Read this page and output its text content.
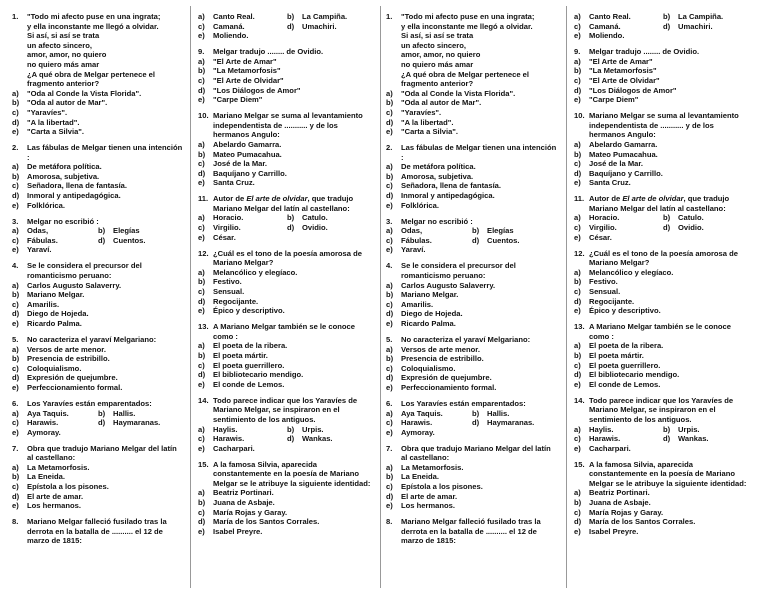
1.	"Todo mi afecto puse en una ingrata;
y ella inconstante me llegó a olvidar.
Si así, si así se trata
un afecto sincero,
amor, amor, no quiero
no quiero más amar
¿A qué obra de Melgar pertenece el fragmento anterior?
a)	"Oda al Conde la Vista Florida".
b)	"Oda al autor de Mar".
c)	"Yaravíes".
d)	"A la libertad".
e)	"Carta a Silvia".
2.	Las fábulas de Melgar tienen una intención :
a)	De metáfora política.
b)	Amorosa, subjetiva.
c)	Señadora, llena de fantasía.
d)	Inmoral y antipedagógica.
e)	Folklórica.
3.	Melgar no escribió :
a)	Odas,	b)	Elegías
c)	Fábulas.	d)	Cuentos.
e)	Yaraví.
4.	Se le considera el precursor del romanticismo peruano:
a)	Carlos Augusto Salaverry.
b)	Mariano Melgar.
c)	Amarilis.
d)	Diego de Hojeda.
e)	Ricardo Palma.
5.	No caracteriza el yaraví Melgariano:
a)	Versos de arte menor.
b)	Presencia de estribillo.
c)	Coloquialismo.
d)	Expresión de quejumbre.
e)	Perfeccionamiento formal.
6.	Los Yaravíes están emparentados:
a)	Aya Taquis.	b)	Hallis.
c)	Harawis.	d)	Haymaranas.
e)	Aymoray.
7.	Obra que tradujo Mariano Melgar del latín al castellano:
a)	La Metamorfosis.
b)	La Eneida.
c)	Epístola a los pisones.
d)	El arte de amar.
e)	Los hermanos.
8.	Mariano Melgar falleció fusilado tras la derrota en la batalla de .......... el 12 de marzo de 1815:
a)	Canto Real.	b)	La Campiña.
c)	Camaná.	d)	Umachiri.
e)	Moliendo.
9.	Melgar tradujo ........ de Ovidio.
a)	"El Arte de Amar"
b)	"La Metamorfosis"
c)	"El Arte de Olvidar"
d)	"Los Diálogos de Amor"
e)	"Carpe Diem"
10. Mariano Melgar se suma al levantamiento independentista de ........... y de los hermanos Angulo:
a)	Abelardo Gamarra.
b)	Mateo Pumacahua.
c)	José de la Mar.
d)	Baquíjano y Carrillo.
e)	Santa Cruz.
11. Autor de El arte de olvidar, que tradujo Mariano Melgar del latín al castellano:
a)	Horacio.	b)	Catulo.
c)	Virgilio.	d)	Ovidio.
e)	César.
12. ¿Cuál es el tono de la poesía amorosa de Mariano Melgar?
a)	Melancólico y elegíaco.
b)	Festivo.
c)	Sensual.
d)	Regocijante.
e)	Épico y descriptivo.
13. A Mariano Melgar también se le conoce como :
a)	El poeta de la ribera.
b)	El poeta mártir.
c)	El poeta guerrillero.
d)	El bibliotecario mendigo.
e)	El conde de Lemos.
14. Todo parece indicar que los Yaravíes de Mariano Melgar, se inspiraron en el sentimiento de los antiguos.
a)	Haylis.	b)	Urpis.
c)	Harawis.	d)	Wankas.
e)	Cacharpari.
15. A la famosa Silvia, aparecida constantemente en la poesía de Mariano Melgar se le atribuye la siguiente identidad:
a)	Beatriz Portinari.
b)	Juana de Asbaje.
c)	María Rojas y Garay.
d)	María de los Santos Corrales.
e)	Isabel Preyre.
1.	"Todo mi afecto puse en una ingrata;
y ella inconstante me llegó a olvidar.
Si así, si así se trata
un afecto sincero,
amor, amor, no quiero
no quiero más amar
¿A qué obra de Melgar pertenece el fragmento anterior?
a)	"Oda al Conde la Vista Florida".
b)	"Oda al autor de Mar".
c)	"Yaravíes".
d)	"A la libertad".
e)	"Carta a Silvia".
2.	Las fábulas de Melgar tienen una intención :
a)	De metáfora política.
b)	Amorosa, subjetiva.
c)	Señadora, llena de fantasía.
d)	Inmoral y antipedagógica.
e)	Folklórica.
3.	Melgar no escribió :
a)	Odas,	b)	Elegías
c)	Fábulas.	d)	Cuentos.
e)	Yaraví.
4.	Se le considera el precursor del romanticismo peruano:
a)	Carlos Augusto Salaverry.
b)	Mariano Melgar.
c)	Amarilis.
d)	Diego de Hojeda.
e)	Ricardo Palma.
5.	No caracteriza el yaraví Melgariano:
a)	Versos de arte menor.
b)	Presencia de estribillo.
c)	Coloquialismo.
d)	Expresión de quejumbre.
e)	Perfeccionamiento formal.
6.	Los Yaravíes están emparentados:
a)	Aya Taquis.	b)	Hallis.
c)	Harawis.	d)	Haymaranas.
e)	Aymoray.
7.	Obra que tradujo Mariano Melgar del latín al castellano:
a)	La Metamorfosis.
b)	La Eneida.
c)	Epístola a los pisones.
d)	El arte de amar.
e)	Los hermanos.
8.	Mariano Melgar falleció fusilado tras la derrota en la batalla de .......... el 12 de marzo de 1815:
a)	Canto Real.	b)	La Campiña.
c)	Camaná.	d)	Umachiri.
e)	Moliendo.
9.	Melgar tradujo ........ de Ovidio.
a)	"El Arte de Amar"
b)	"La Metamorfosis"
c)	"El Arte de Olvidar"
d)	"Los Diálogos de Amor"
e)	"Carpe Diem"
10. Mariano Melgar se suma al levantamiento independentista de ........... y de los hermanos Angulo:
a)	Abelardo Gamarra.
b)	Mateo Pumacahua.
c)	José de la Mar.
d)	Baquíjano y Carrillo.
e)	Santa Cruz.
11. Autor de El arte de olvidar, que tradujo Mariano Melgar del latín al castellano:
a)	Horacio.	b)	Catulo.
c)	Virgilio.	d)	Ovidio.
e)	César.
12. ¿Cuál es el tono de la poesía amorosa de Mariano Melgar?
a)	Melancólico y elegíaco.
b)	Festivo.
c)	Sensual.
d)	Regocijante.
e)	Épico y descriptivo.
13. A Mariano Melgar también se le conoce como :
a)	El poeta de la ribera.
b)	El poeta mártir.
c)	El poeta guerrillero.
d)	El bibliotecario mendigo.
e)	El conde de Lemos.
14. Todo parece indicar que los Yaravíes de Mariano Melgar, se inspiraron en el sentimiento de los antiguos.
a)	Haylis.	b)	Urpis.
c)	Harawis.	d)	Wankas.
e)	Cacharpari.
15. A la famosa Silvia, aparecida constantemente en la poesía de Mariano Melgar se le atribuye la siguiente identidad:
a)	Beatriz Portinari.
b)	Juana de Asbaje.
c)	María Rojas y Garay.
d)	María de los Santos Corrales.
e)	Isabel Preyre.
